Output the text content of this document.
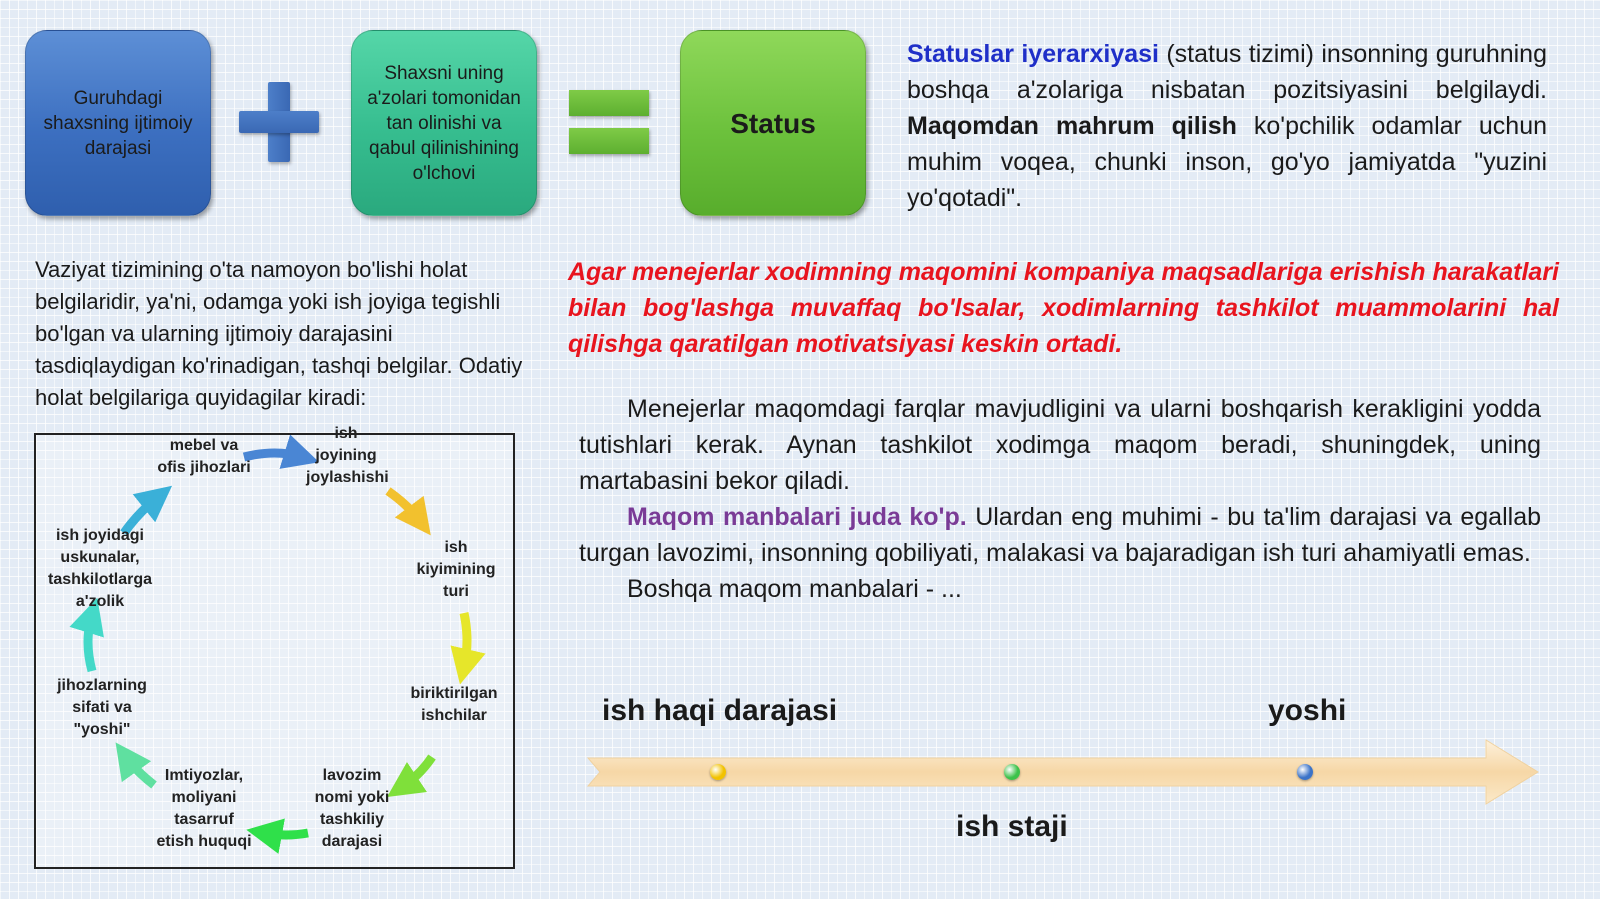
Guruhdagi shaxsning ijtimoiy darajasi
Shaxsni uning a'zolari tomonidan tan olinishi va qabul qilinishining o'lchovi
Status

Statuslar iyerarxiyasi (status tizimi) insonning guruhning boshqa a'zolariga nisbatan pozitsiyasini belgilaydi. Maqomdan mahrum qilish ko'pchilik odamlar uchun muhim voqea, chunki inson, go'yo jamiyatda "yuzini yo'qotadi".

Vaziyat tizimining o'ta namoyon bo'lishi holat belgilaridir, ya'ni, odamga yoki ish joyiga tegishli bo'lgan va ularning ijtimoiy darajasini tasdiqlaydigan ko'rinadigan, tashqi belgilar. Odatiy holat belgilariga quyidagilar kiradi:

Agar menejerlar xodimning maqomini kompaniya maqsadlariga erishish harakatlari bilan bog'lashga muvaffaq bo'lsalar, xodimlarning tashkilot muammolarini hal qilishga qaratilgan motivatsiyasi keskin ortadi.

Menejerlar maqomdagi farqlar mavjudligini va ularni boshqarish kerakligini yodda tutishlari kerak. Aynan tashkilot xodimga maqom beradi, shuningdek, uning martabasini bekor qiladi.

Maqom manbalari juda ko'p. Ulardan eng muhimi - bu ta'lim darajasi va egallab turgan lavozimi, insonning qobiliyati, malakasi va bajaradigan ish turi ahamiyatli emas.

Boshqa maqom manbalari - ...

mebel va ofis jihozlari
ish joyining joylashishi
ish kiyimining turi
biriktirilgan ishchilar
lavozim nomi yoki tashkiliy darajasi
Imtiyozlar, moliyani tasarruf etish huquqi
jihozlarning sifati va "yoshi"
ish joyidagi uskunalar, tashkilotlarga a'zolik
ish haqi darajasi	yoshi
ish staji
